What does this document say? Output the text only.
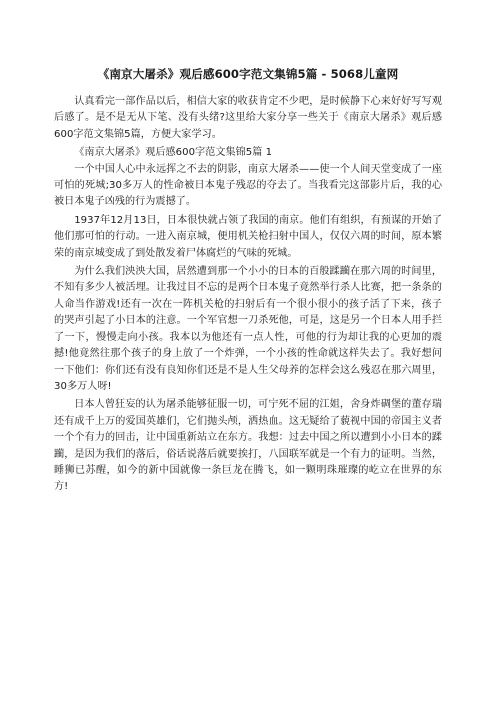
《南京大屠杀》观后感600字范文集锦5篇 - 5068儿童网

认真看完一部作品以后，相信大家的收获肯定不少吧，是时候静下心来好好写写观后感了。是不是无从下笔、没有头绪?这里给大家分享一些关于《南京大屠杀》观后感600字范文集锦5篇，方便大家学习。

《南京大屠杀》观后感600字范文集锦5篇 1

一个中国人心中永远挥之不去的阴影，南京大屠杀——使一个人间天堂变成了一座可怕的死城;30多万人的性命被日本鬼子残忍的夺去了。当我看完这部影片后，我的心被日本鬼子凶残的行为震撼了。

1937年12月13日，日本很快就占领了我国的南京。他们有组织，有预谋的开始了他们那可怕的行动。一进入南京城，便用机关枪扫射中国人，仅仅六周的时间，原本繁荣的南京城变成了到处散发着尸体腐烂的气味的死城。

为什么我们泱泱大国，居然遭到那一个小小的日本的百般蹂躏在那六周的时间里，不知有多少人被活埋。让我过目不忘的是两个日本鬼子竟然举行杀人比赛，把一条条的人命当作游戏!还有一次在一阵机关枪的扫射后有一个很小很小的孩子活了下来，孩子的哭声引起了小日本的注意。一个军官想一刀杀死他，可是，这是另一个日本人用手拦了一下，慢慢走向小孩。我本以为他还有一点人性，可他的行为却让我的心更加的震撼!他竟然往那个孩子的身上放了一个炸弹，一个小孩的性命就这样失去了。我好想问一下他们：你们还有没有良知你们还是不是人生父母养的怎样会这么残忍在那六周里，30多万人呀!

日本人曾狂妄的认为屠杀能够征服一切，可宁死不屈的江姐，舍身炸碉堡的董存瑞还有成千上万的爱国英雄们，它们抛头颅，洒热血。这无疑给了藐视中国的帝国主义者一个个有力的回击，让中国重新站立在东方。我想：过去中国之所以遭到小小日本的蹂躏，是因为我们的落后，俗话说落后就要挨打，八国联军就是一个有力的证明。当然，睡狮已苏醒，如今的新中国就像一条巨龙在腾飞，如一颗明珠璀璨的屹立在世界的东方!
